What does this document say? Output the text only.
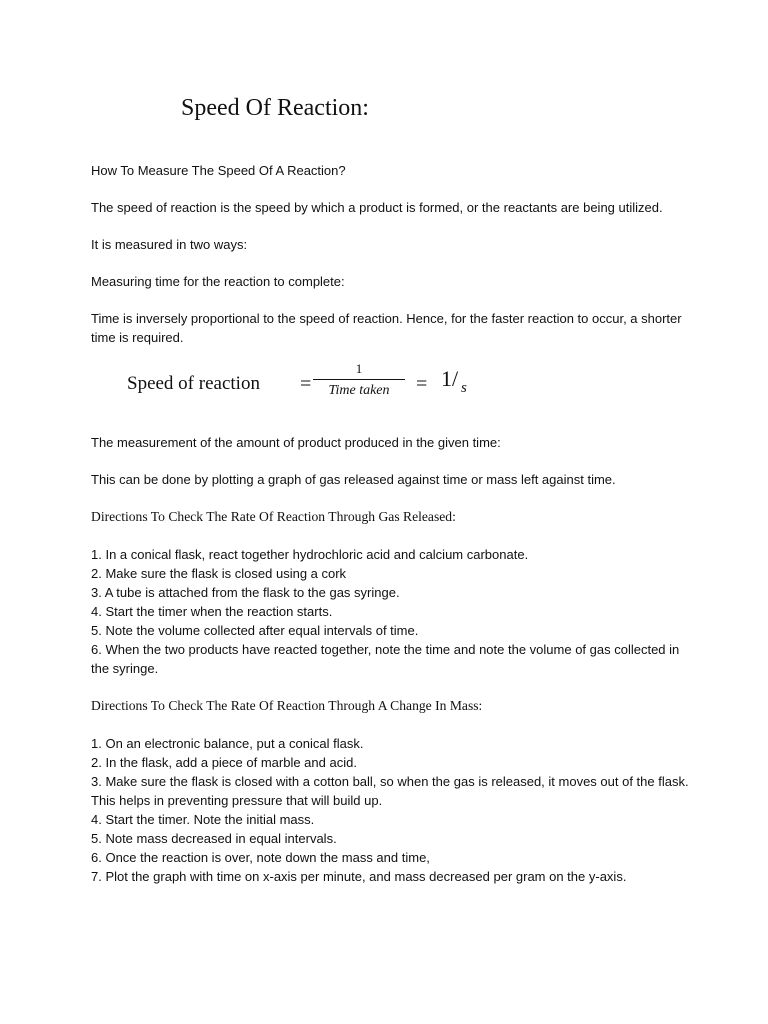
Speed Of Reaction:

How To Measure The Speed Of A Reaction?

The speed of reaction is the speed by which a product is formed, or the reactants are being utilized.

It is measured in two ways:

Measuring time for the reaction to complete:

Time is inversely proportional to the speed of reaction. Hence, for the faster reaction to occur, a shorter time is required.

Speed of reaction =
1
Time taken	= 1 / s

The measurement of the amount of product produced in the given time:

This can be done by plotting a graph of gas released against time or mass left against time.

Directions To Check The Rate Of Reaction Through Gas Released:

1. In a conical flask, react together hydrochloric acid and calcium carbonate.
2. Make sure the flask is closed using a cork
3. A tube is attached from the flask to the gas syringe.
4. Start the timer when the reaction starts.
5. Note the volume collected after equal intervals of time.
6. When the two products have reacted together, note the time and note the volume of gas collected in the syringe.

Directions To Check The Rate Of Reaction Through A Change In Mass:

1. On an electronic balance, put a conical flask.
2. In the flask, add a piece of marble and acid.
3. Make sure the flask is closed with a cotton ball, so when the gas is released, it moves out of the flask. This helps in preventing pressure that will build up.
4. Start the timer. Note the initial mass.
5. Note mass decreased in equal intervals.
6. Once the reaction is over, note down the mass and time,
7. Plot the graph with time on x-axis per minute, and mass decreased per gram on the y-axis.
